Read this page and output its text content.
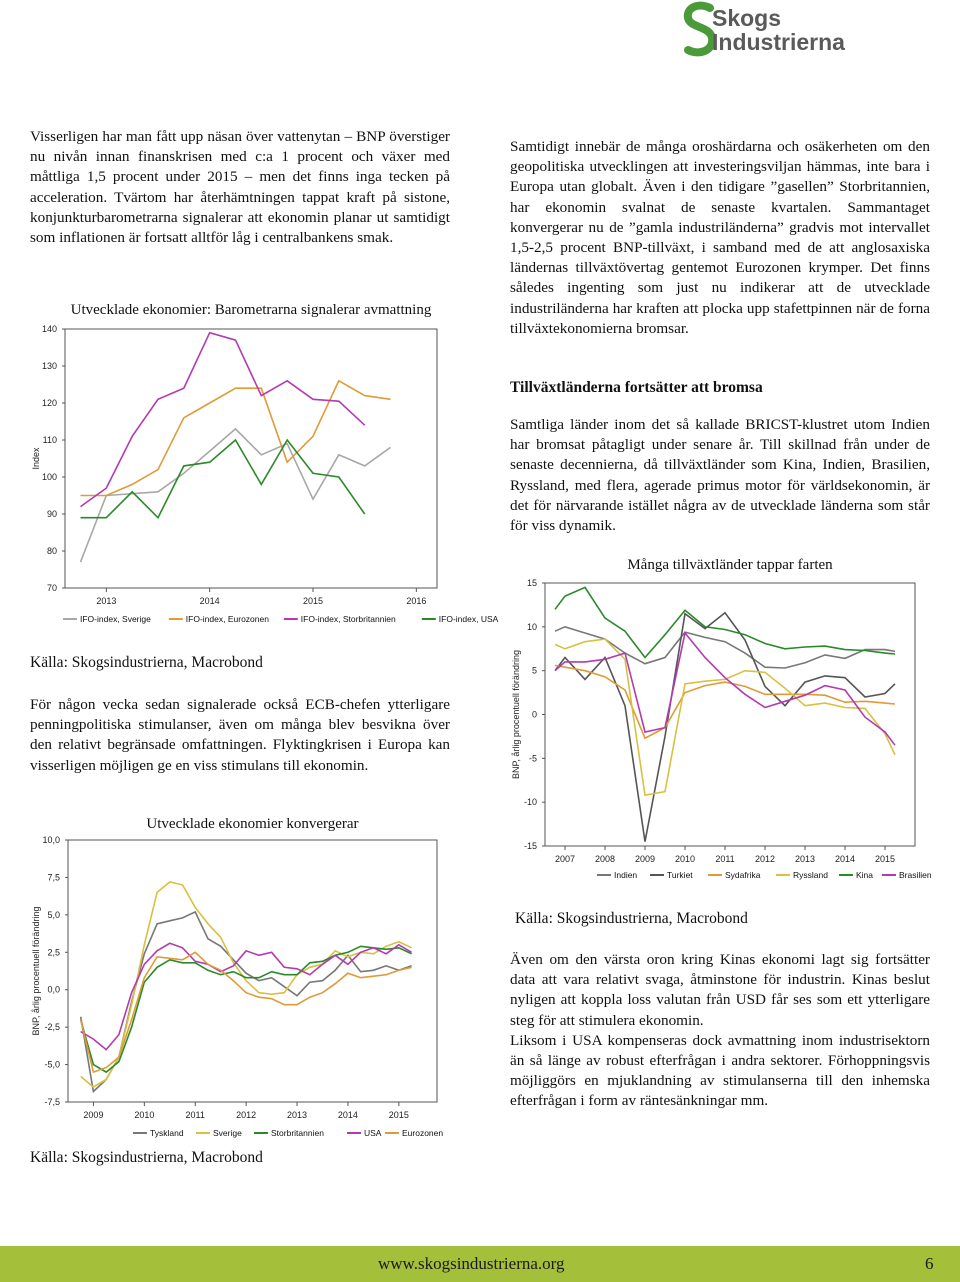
Skogs
Industrierna

Visserligen har man fått upp näsan över vattenytan – BNP överstiger nu nivån innan finanskrisen med c:a 1 procent och växer med måttliga 1,5 procent under 2015 – men det finns inga tecken på acceleration. Tvärtom har återhämtningen tappat kraft på sistone, konjunkturbarometrarna signalerar att ekonomin planar ut samtidigt som inflationen är fortsatt alltför låg i centralbankens smak.

Utvecklade ekonomier: Barometrarna signalerar avmattning
140
130
120
110
100
90
80
70
Index
2013	2014	2015	2016
IFO-index, Sverige	IFO-index, Eurozonen	IFO-index, Storbritannien	IFO-index, USA
Källa: Skogsindustrierna, Macrobond

För någon vecka sedan signalerade också ECB-chefen ytterligare penningpolitiska stimulanser, även om många blev besvikna över den relativt begränsade omfattningen. Flyktingkrisen i Europa kan visserligen möjligen ge en viss stimulans till ekonomin.

Utvecklade ekonomier konvergerar
10,0
7,5
5,0
2,5
0,0
-2,5
-5,0
-7,5
BNP, årlig procentuell förändring
2009	2010	2011	2012	2013	2014	2015
Tyskland	Sverige	Storbritannien	USA Eurozonen
Källa: Skogsindustrierna, Macrobond

Samtidigt innebär de många oroshärdarna och osäkerheten om den geopolitiska utvecklingen att investeringsviljan hämmas, inte bara i Europa utan globalt. Även i den tidigare ”gasellen” Storbritannien, har ekonomin svalnat de senaste kvartalen. Sammantaget konvergerar nu de ”gamla industriländerna” gradvis mot intervallet 1,5-2,5 procent BNP-tillväxt, i samband med de att anglosaxiska ländernas tillväxtövertag gentemot Eurozonen krymper. Det finns således ingenting som just nu indikerar att de utvecklade industriländerna har kraften att plocka upp stafettpinnen när de forna tillväxtekonomierna bromsar.

Tillväxtländerna fortsätter att bromsa

Samtliga länder inom det så kallade BRICST-klustret utom Indien har bromsat påtagligt under senare år. Till skillnad från under de senaste decennierna, då tillväxtländer som Kina, Indien, Brasilien, Ryssland, med flera, agerade primus motor för världsekonomin, är det för närvarande istället några av de utvecklade länderna som står för viss dynamik.

Många tillväxtländer tappar farten
15
10
5
0
-5
-10
-15
BNP, årlig procentuell förändring
2007 2008 2009 2010 2011 2012 2013 2014 2015
Indien	Turkiet	Sydafrika	Ryssland	Kina	Brasilien
Källa: Skogsindustrierna, Macrobond

Även om den värsta oron kring Kinas ekonomi lagt sig fortsätter data att vara relativt svaga, åtminstone för industrin. Kinas beslut nyligen att koppla loss valutan från USD får ses som ett ytterligare steg för att stimulera ekonomin.

Liksom i USA kompenseras dock avmattning inom industrisektorn än så länge av robust efterfrågan i andra sektorer. Förhoppningsvis möjliggörs en mjuklandning av stimulanserna till den inhemska efterfrågan i form av räntesänkningar mm.

www.skogsindustrierna.org	6
